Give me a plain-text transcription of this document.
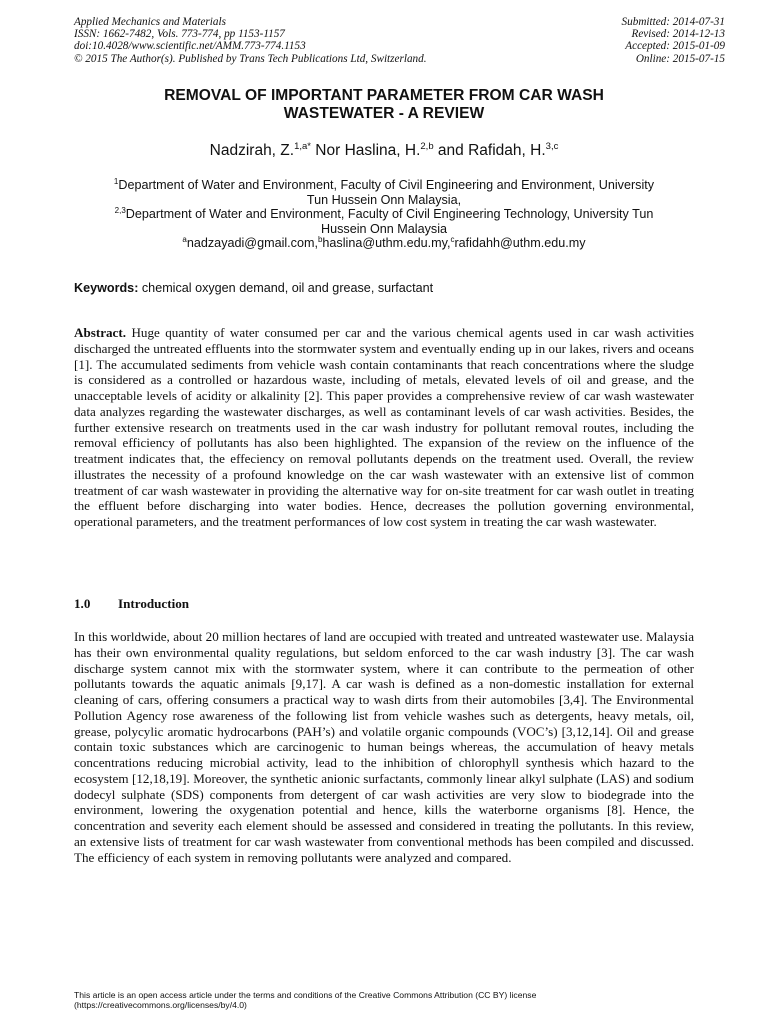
Applied Mechanics and Materials
ISSN: 1662-7482, Vols. 773-774, pp 1153-1157
doi:10.4028/www.scientific.net/AMM.773-774.1153
© 2015 The Author(s). Published by Trans Tech Publications Ltd, Switzerland.
Submitted: 2014-07-31
Revised: 2014-12-13
Accepted: 2015-01-09
Online: 2015-07-15
REMOVAL OF IMPORTANT PARAMETER FROM CAR WASH
WASTEWATER - A REVIEW
Nadzirah, Z.$^{1,a*}$ Nor Haslina, H.$^{2,b}$ and Rafidah, H.$^{3,c}$
$^1$Department of Water and Environment, Faculty of Civil Engineering and Environment, University
Tun Hussein Onn Malaysia,
$^{2,3}$Department of Water and Environment, Faculty of Civil Engineering Technology, University Tun
Hussein Onn Malaysia
$^a$nadzayadi@gmail.com,$^b$haslina@uthm.edu.my,$^c$rafidahh@uthm.edu.my
Keywords: chemical oxygen demand, oil and grease, surfactant
Abstract. Huge quantity of water consumed per car and the various chemical agents used in car wash activities discharged the untreated effluents into the stormwater system and eventually ending up in our lakes, rivers and oceans [1]. The accumulated sediments from vehicle wash contain contaminants that reach concentrations where the sludge is considered as a controlled or hazardous waste, including of metals, elevated levels of oil and grease, and the unacceptable levels of acidity or alkalinity [2]. This paper provides a comprehensive review of car wash wastewater data analyzes regarding the wastewater discharges, as well as contaminant levels of car wash activities. Besides, the further extensive research on treatments used in the car wash industry for pollutant removal routes, including the removal efficiency of pollutants has also been highlighted. The expansion of the review on the influence of the treatment indicates that, the effeciency on removal pollutants depends on the treatment used. Overall, the review illustrates the necessity of a profound knowledge on the car wash wastewater with an extensive list of common treatment of car wash wastewater in providing the alternative way for on-site treatment for car wash outlet in treating the effluent before discharging into water bodies. Hence, decreases the pollution governing environmental, operational parameters, and the treatment performances of low cost system in treating the car wash wastewater.
1.0 Introduction
In this worldwide, about 20 million hectares of land are occupied with treated and untreated wastewater use. Malaysia has their own environmental quality regulations, but seldom enforced to the car wash industry [3]. The car wash discharge system cannot mix with the stormwater system, where it can contribute to the permeation of other pollutants towards the aquatic animals [9,17]. A car wash is defined as a non-domestic installation for external cleaning of cars, offering consumers a practical way to wash dirts from their automobiles [3,4]. The Environmental Pollution Agency rose awareness of the following list from vehicle washes such as detergents, heavy metals, oil, grease, polycylic aromatic hydrocarbons (PAH’s) and volatile organic compounds (VOC’s) [3,12,14]. Oil and grease contain toxic substances which are carcinogenic to human beings whereas, the accumulation of heavy metals concentrations reducing microbial activity, lead to the inhibition of chlorophyll synthesis which hazard to the ecosystem [12,18,19]. Moreover, the synthetic anionic surfactants, commonly linear alkyl sulphate (LAS) and sodium dodecyl sulphate (SDS) components from detergent of car wash activities are very slow to biodegrade into the environment, lowering the oxygenation potential and hence, kills the waterborne organisms [8]. Hence, the concentration and severity each element should be assessed and considered in treating the pollutants. In this review, an extensive lists of treatment for car wash wastewater from conventional methods has been compiled and discussed. The efficiency of each system in removing pollutants were analyzed and compared.
This article is an open access article under the terms and conditions of the Creative Commons Attribution (CC BY) license
(https://creativecommons.org/licenses/by/4.0)
